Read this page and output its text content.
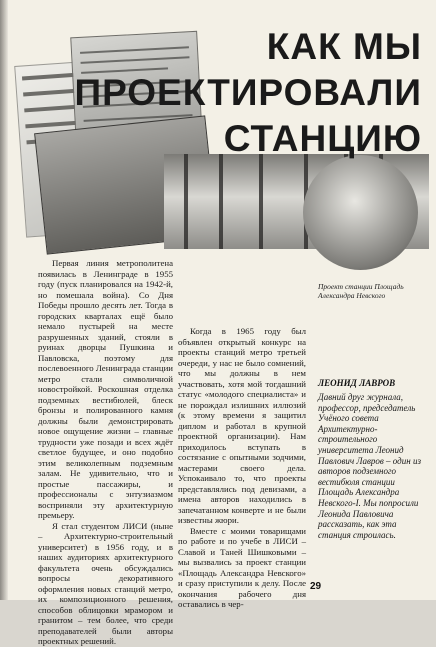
КАК МЫ
ПРОЕКТИРОВАЛИ
СТАНЦИЮ
Проект станции Площадь Александра Невского

Первая линия метрополитена появилась в Ленинграде в 1955 году (пуск планировался на 1942-й, но помешала война). Со Дня Победы прошло десять лет. Тогда в городских кварталах ещё было немало пустырей на месте разрушенных зданий, стояли в руинах дворцы Пушкина и Павловска, поэтому для послевоенного Ленинграда станции метро стали символичной новостройкой. Роскошная отделка подземных вестибюлей, блеск бронзы и полированного камня должны были демонстрировать новое ощущение жизни – главные трудности уже позади и всех ждёт светлое будущее, и оно подобно этим великолепным подземным залам. Не удивительно, что и простые пассажиры, и профессионалы с энтузиазмом восприняли эту архитектурную премьеру.

Я стал студентом ЛИСИ (ныне – Архитектурно-строительный университет) в 1956 году, и в наших аудиториях архитектурного факультета очень обсуждались вопросы декоративного оформления новых станций метро, их композиционного решения, способов облицовки мрамором и гранитом – тем более, что среди преподавателей были авторы проектных решений.

Когда в 1965 году был объявлен открытый конкурс на проекты станций метро третьей очереди, у нас не было сомнений, что мы должны в нем участвовать, хотя мой тогдашний статус «молодого специалиста» и не порождал излишних иллюзий (к этому времени я защитил диплом и работал в крупной проектной организации). Нам приходилось вступать в состязание с опытными зодчими, мастерами своего дела. Успокаивало то, что проекты представлялись под девизами, а имена авторов находились в запечатанном конверте и не были известны жюри.

Вместе с моими товарищами по работе и по учебе в ЛИСИ – Славой и Таней Шишковыми – мы вызвались за проект станции «Площадь Александра Невского» и сразу приступили к делу. После окончания рабочего дня оставались в чер-

ЛЕОНИД ЛАВРОВ
Давний друг журнала, профессор, председатель Учёного совета Архитектурно-строительного университета Леонид Павлович Лавров – один из авторов подземного вестибюля станции Площадь Александра Невского-I. Мы попросили Леонида Павловича рассказать, как эта станция строилась.
29
